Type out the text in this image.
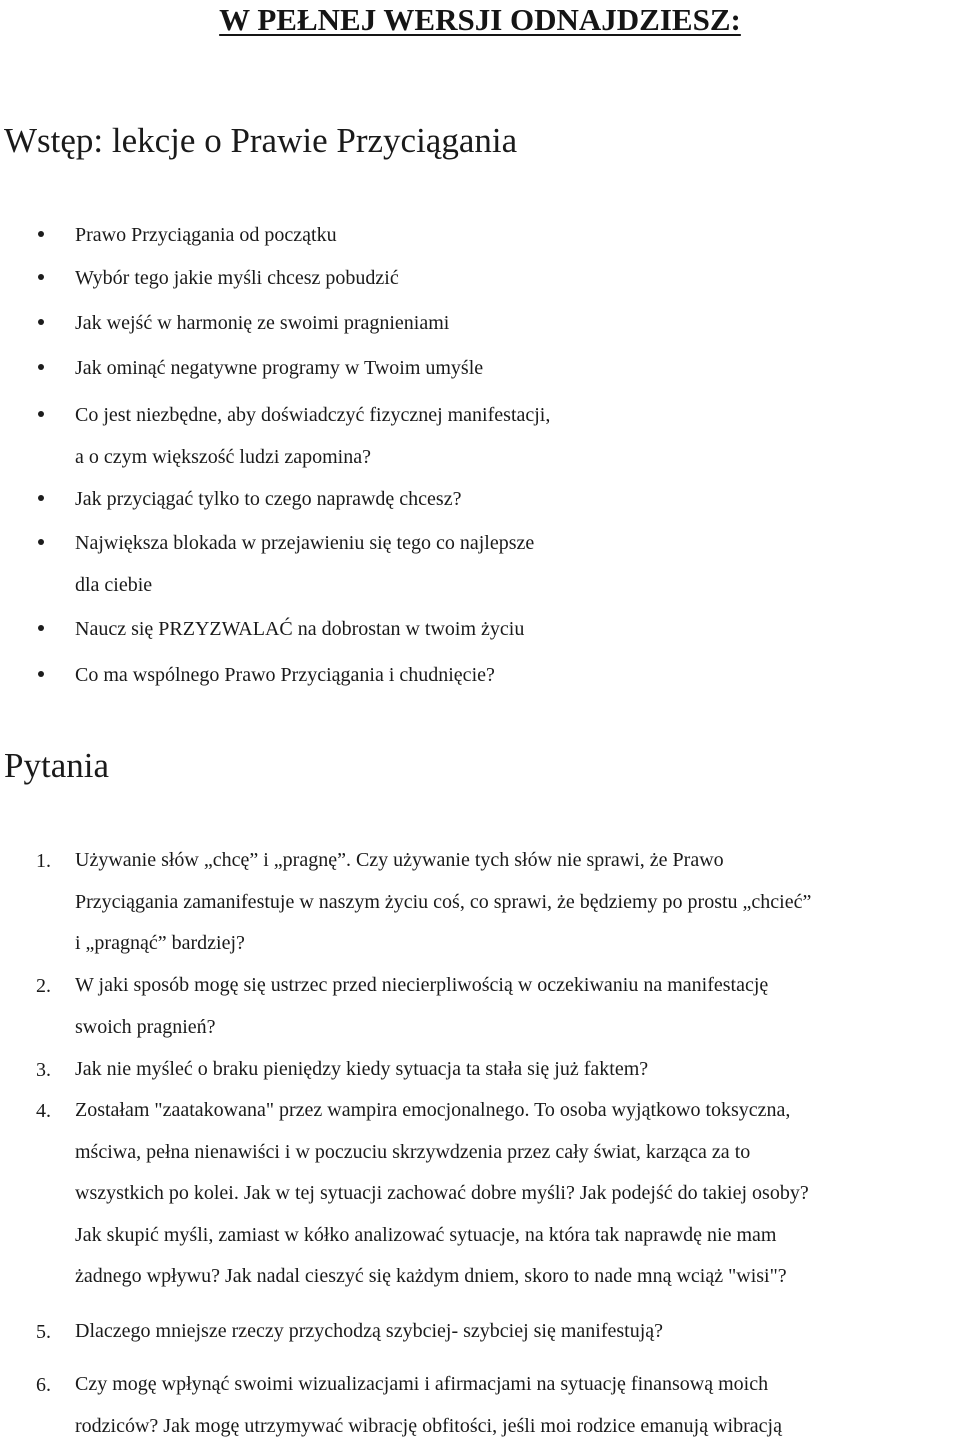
W PEŁNEJ WERSJI ODNAJDZIESZ:
Wstęp: lekcje o Prawie Przyciągania
Prawo Przyciągania od początku
Wybór tego jakie myśli chcesz pobudzić
Jak wejść w harmonię ze swoimi pragnieniami
Jak ominąć negatywne programy w Twoim umyśle
Co jest niezbędne, aby doświadczyć fizycznej manifestacji,
a o czym większość ludzi zapomina?
Jak przyciągać tylko to czego naprawdę chcesz?
Największa blokada w przejawieniu się tego co najlepsze
dla ciebie
Naucz się PRZYZWALAĆ na dobrostan w twoim życiu
Co ma wspólnego Prawo Przyciągania i chudnięcie?
Pytania
1. Używanie słów „chcę” i „pragnę”. Czy używanie tych słów nie sprawi, że Prawo
Przyciągania zamanifestuje w naszym życiu coś, co sprawi, że będziemy po prostu „chcieć”
i „pragnąć” bardziej?
2. W jaki sposób mogę się ustrzec przed niecierpliwością w oczekiwaniu na manifestację
swoich pragnień?
3. Jak nie myśleć o braku pieniędzy kiedy sytuacja ta stała się już faktem?
4. Zostałam "zaatakowana" przez wampira emocjonalnego. To osoba wyjątkowo toksyczna,
mściwa, pełna nienawiści i w poczuciu skrzywdzenia przez cały świat, karząca za to
wszystkich po kolei. Jak w tej sytuacji zachować dobre myśli? Jak podejść do takiej osoby?
Jak skupić myśli, zamiast w kółko analizować sytuacje, na która tak naprawdę nie mam
żadnego wpływu? Jak nadal cieszyć się każdym dniem, skoro to nade mną wciąż "wisi"?
5. Dlaczego mniejsze rzeczy przychodzą szybciej- szybciej się manifestują?
6. Czy mogę wpłynąć swoimi wizualizacjami i afirmacjami na sytuację finansową moich
rodziców? Jak mogę utrzymywać wibrację obfitości, jeśli moi rodzice emanują wibracją
